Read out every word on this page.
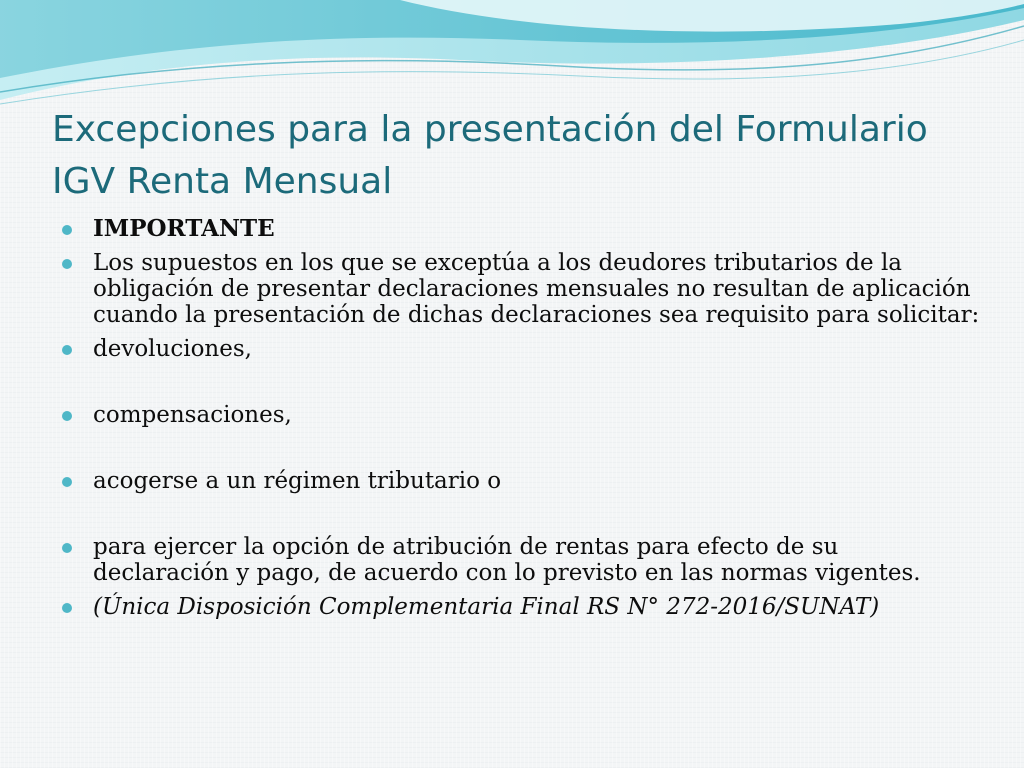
Excepciones para la presentación del Formulario
IGV Renta Mensual
IMPORTANTE
Los supuestos en los que se exceptúa a los deudores tributarios de la obligación de presentar declaraciones mensuales no resultan de aplicación cuando la presentación de dichas declaraciones sea requisito para solicitar:
devoluciones,
compensaciones,
acogerse a un régimen tributario o
para ejercer la opción de atribución de rentas para efecto de su declaración y pago, de acuerdo con lo previsto en las normas vigentes.
(Única Disposición Complementaria Final RS N° 272-2016/SUNAT)
